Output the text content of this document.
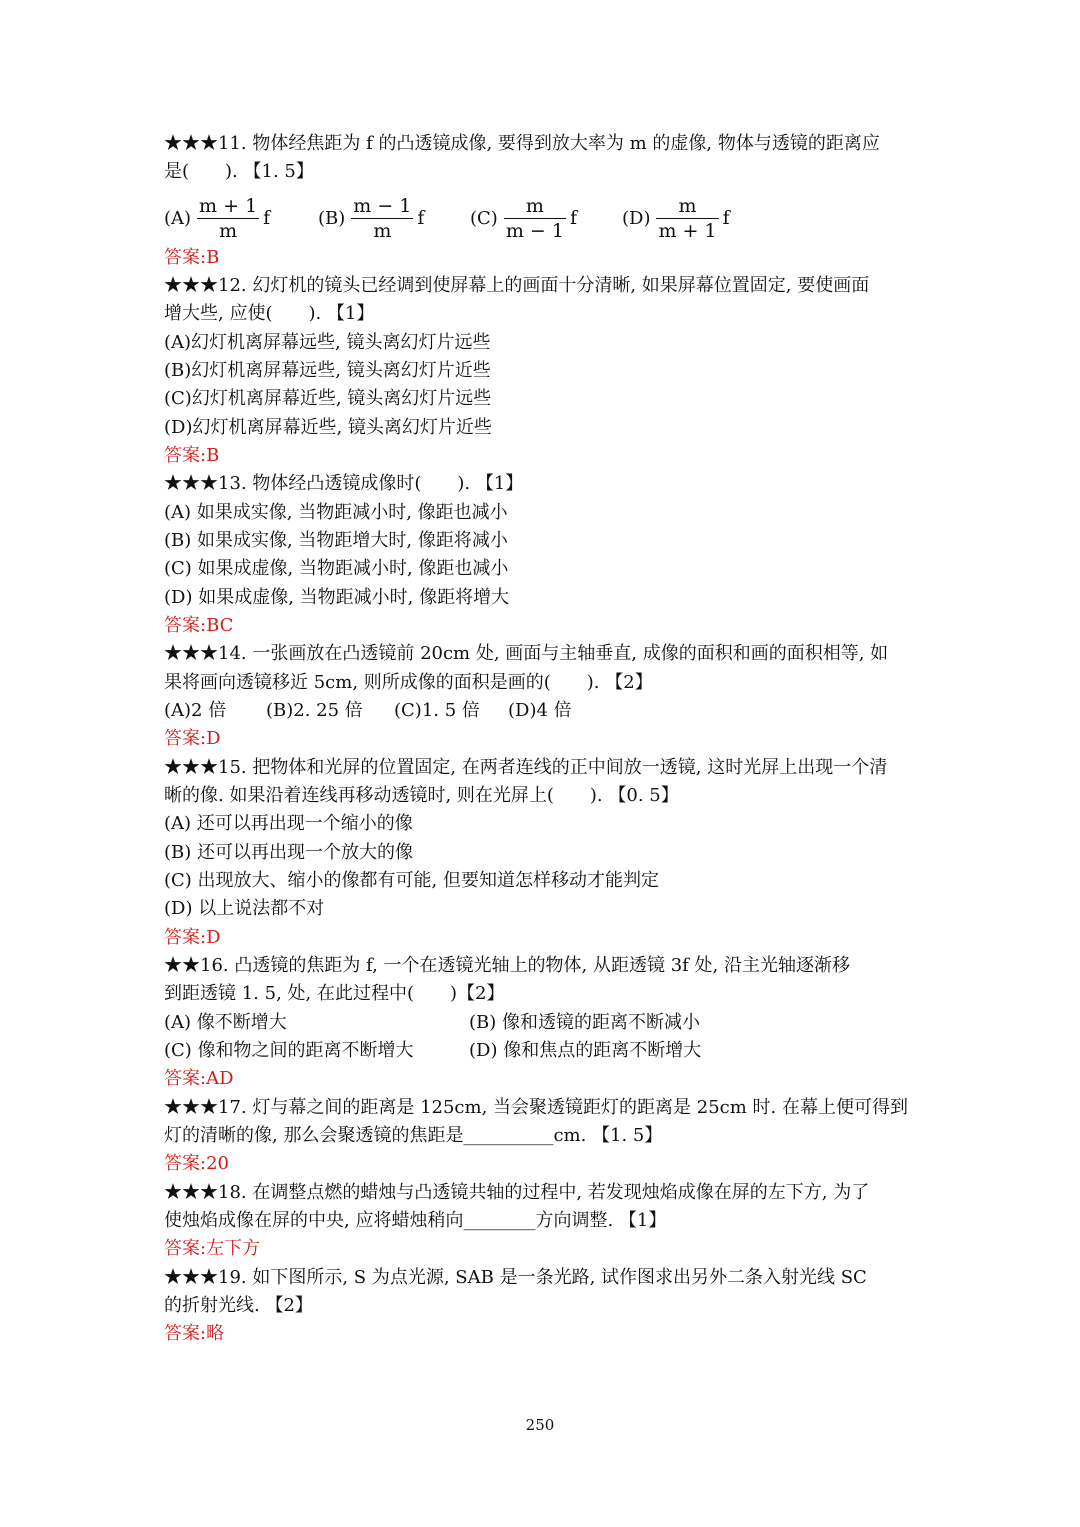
★★★11. 物体经焦距为 f 的凸透镜成像, 要得到放大率为 m 的虚像, 物体与透镜的距离应
是(　　). 【1. 5】
$(A) \frac{m + 1}{m}$ f	$(B) \frac{m - 1}{m}$ f	$(C) \frac{m}{m - 1}$ f	$(D) \frac{m}{m + 1}$ f
答案:B
★★★12. 幻灯机的镜头已经调到使屏幕上的画面十分清晰, 如果屏幕位置固定, 要使画面
增大些, 应使(　　). 【1】
(A)幻灯机离屏幕远些, 镜头离幻灯片远些
(B)幻灯机离屏幕远些, 镜头离幻灯片近些
(C)幻灯机离屏幕近些, 镜头离幻灯片远些
(D)幻灯机离屏幕近些, 镜头离幻灯片近些
答案:B
★★★13. 物体经凸透镜成像时(　　). 【1】
(A) 如果成实像, 当物距减小时, 像距也减小
(B) 如果成实像, 当物距增大时, 像距将减小
(C) 如果成虚像, 当物距减小时, 像距也减小
(D) 如果成虚像, 当物距减小时, 像距将增大
答案:BC
★★★14. 一张画放在凸透镜前 20cm 处, 画面与主轴垂直, 成像的面积和画的面积相等, 如
果将画向透镜移近 5cm, 则所成像的面积是画的(　　). 【2】
(A)2 倍 (B)2. 25 倍 (C)1. 5 倍 (D)4 倍
答案:D
★★★15. 把物体和光屏的位置固定, 在两者连线的正中间放一透镜, 这时光屏上出现一个清
晰的像. 如果沿着连线再移动透镜时, 则在光屏上(　　). 【0. 5】
(A) 还可以再出现一个缩小的像
(B) 还可以再出现一个放大的像
(C) 出现放大、缩小的像都有可能, 但要知道怎样移动才能判定
(D) 以上说法都不对
答案:D
★★16. 凸透镜的焦距为 f, 一个在透镜光轴上的物体, 从距透镜 3f 处, 沿主光轴逐渐移
到距透镜 1. 5, 处, 在此过程中(　　)【2】
(A) 像不断增大	(B) 像和透镜的距离不断减小
(C) 像和物之间的距离不断增大	(D) 像和焦点的距离不断增大
答案:AD
★★★17. 灯与幕之间的距离是 125cm, 当会聚透镜距灯的距离是 25cm 时. 在幕上便可得到
灯的清晰的像, 那么会聚透镜的焦距是__________cm. 【1. 5】
答案:20
★★★18. 在调整点燃的蜡烛与凸透镜共轴的过程中, 若发现烛焰成像在屏的左下方, 为了
使烛焰成像在屏的中央, 应将蜡烛稍向________方向调整. 【1】
答案:左下方
★★★19. 如下图所示, S 为点光源, SAB 是一条光路, 试作图求出另外二条入射光线 SC
的折射光线. 【2】
答案:略
250
